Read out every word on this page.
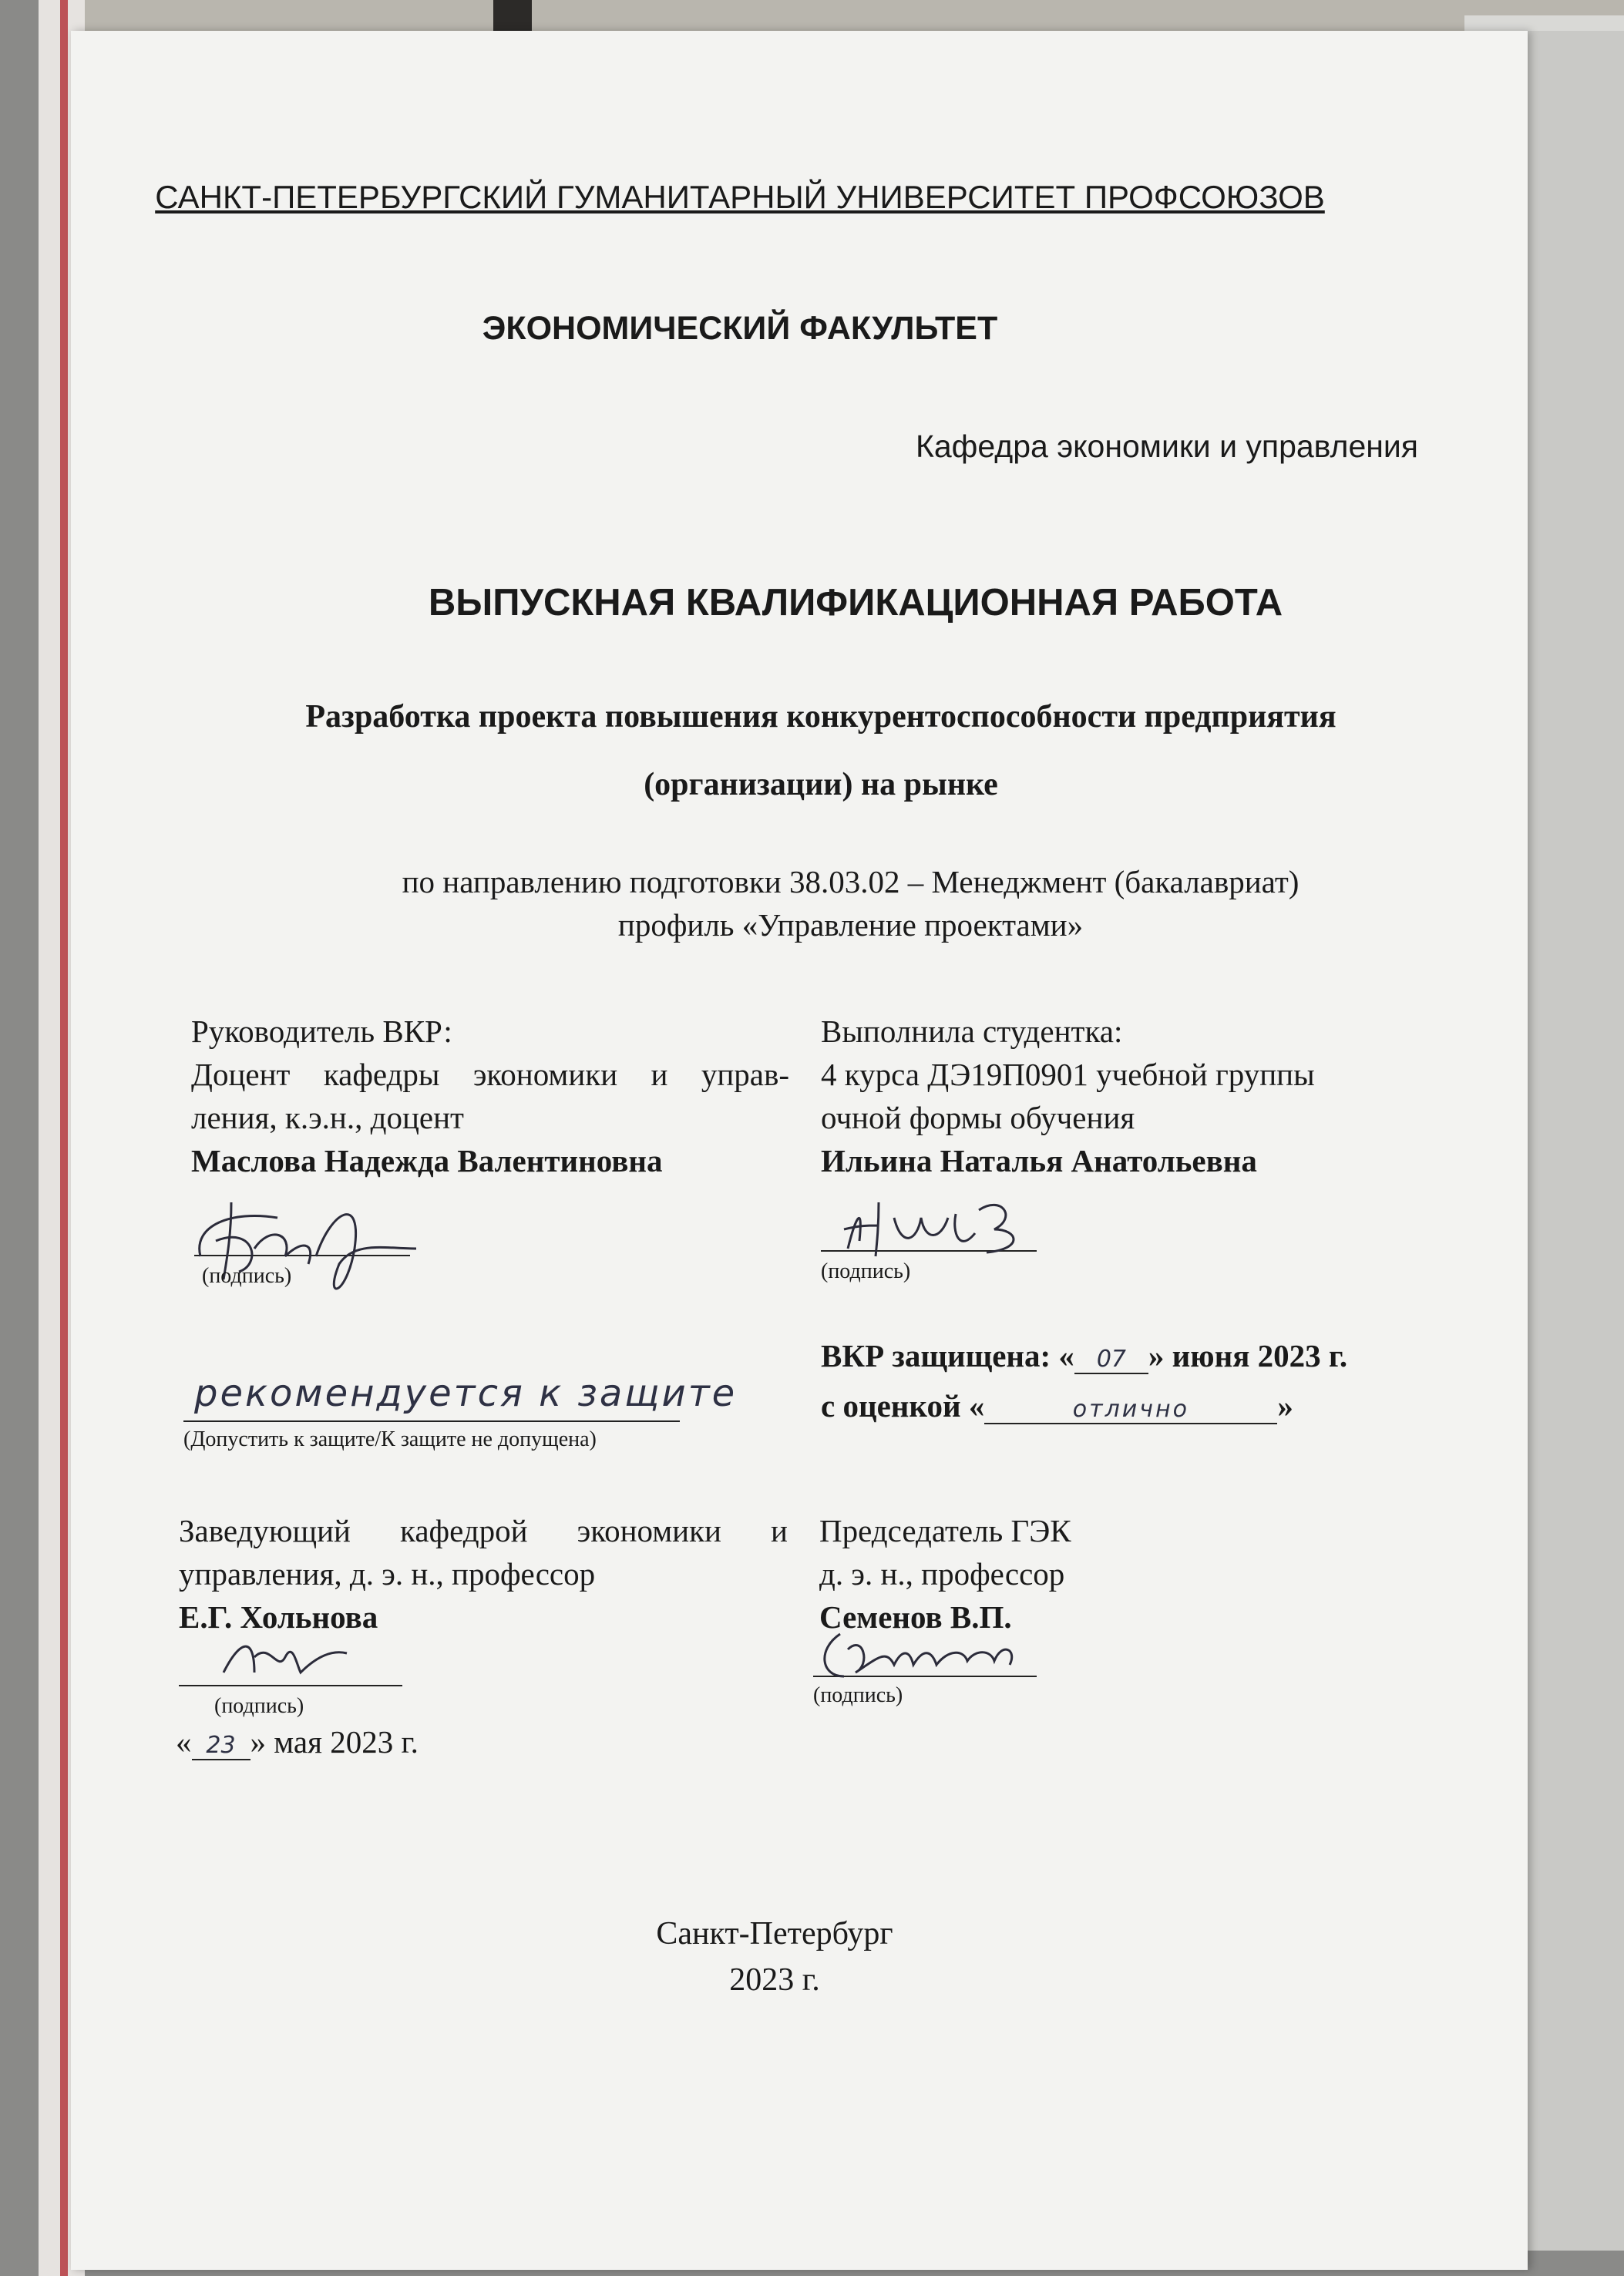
САНКТ-ПЕТЕРБУРГСКИЙ ГУМАНИТАРНЫЙ УНИВЕРСИТЕТ ПРОФСОЮЗОВ
ЭКОНОМИЧЕСКИЙ ФАКУЛЬТЕТ
Кафедра экономики и управления
ВЫПУСКНАЯ КВАЛИФИКАЦИОННАЯ РАБОТА
Разработка проекта повышения конкурентоспособности предприятия
(организации) на рынке
по направлению подготовки 38.03.02 – Менеджмент (бакалавриат)
профиль «Управление проектами»
Руководитель ВКР:
Доцент кафедры экономики и управ-
ления, к.э.н., доцент
Маслова Надежда Валентиновна
(подпись)
Выполнила студентка:
4 курса ДЭ19П0901 учебной группы
очной формы обучения
Ильина Наталья Анатольевна
(подпись)
рекомендуется к защите
(Допустить к защите/К защите не допущена)
ВКР защищена: « 07 » июня 2023 г.
с оценкой «	отлично	»
Заведующий кафедрой экономики и
управления, д. э. н., профессор
Е.Г. Хольнова
(подпись)
« 23 » мая 2023 г.
Председатель ГЭК
д. э. н., профессор
Семенов В.П.
(подпись)
Санкт-Петербург
2023 г.
